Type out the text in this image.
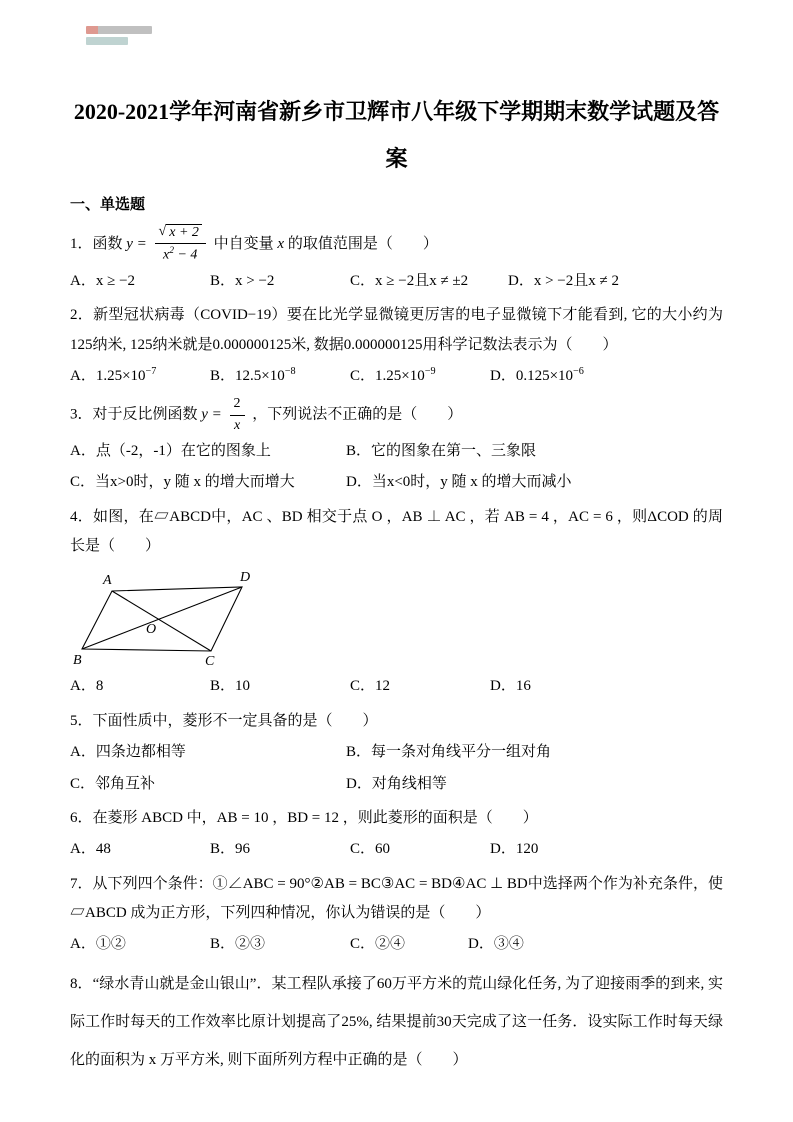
2020-2021学年河南省新乡市卫辉市八年级下学期期末数学试题及答
案
一、单选题
1．函数 $y = \frac{√ x + 2}{x^2 - 4}$ 中自变量 x 的取值范围是（　　）
A．x ≥ −2	B．x > −2	C．x ≥ −2且x ≠ ±2	D．x > −2且x ≠ 2
2．新型冠状病毒（COVID−19）要在比光学显微镜更厉害的电子显微镜下才能看到, 它的大小约为125纳米, 125纳米就是0.000000125米, 数据0.000000125用科学记数法表示为（　　）
A．$1.25\times 10^{-7}$	B．$12.5\times 10^{-8}$	C．$1.25\times 10^{-9}$	D．$0.125\times 10^{-6}$
3．对于反比例函数 $y = \frac{2}{x}$ ，下列说法不正确的是（　　）
A．点（-2，-1）在它的图象上	B．它的图象在第一、三象限
C．当x>0时，y 随 x 的增大而增大	D．当x<0时，y 随 x 的增大而减小
4．如图，在▱ABCD中，AC 、BD 相交于点 O ，AB ⊥ AC ，若 AB = 4 ，AC = 6 ，则ΔCOD 的周长是（　　）
A	D
B	C
O
A．8	B．10	C．12	D．16
5．下面性质中，菱形不一定具备的是（　　）
A．四条边都相等	B．每一条对角线平分一组对角
C．邻角互补	D．对角线相等
6．在菱形 ABCD 中，AB = 10 ，BD = 12 ，则此菱形的面积是（　　）
A．48	B．96	C．60	D．120
7．从下列四个条件：①∠ABC = 90°②AB = BC③AC = BD④AC ⊥ BD中选择两个作为补充条件，使▱ABCD 成为正方形，下列四种情况，你认为错误的是（　　）
A．①②	B．②③	C．②④	D．③④
8．“绿水青山就是金山银山”．某工程队承接了60万平方米的荒山绿化任务, 为了迎接雨季的到来, 实际工作时每天的工作效率比原计划提高了25%, 结果提前30天完成了这一任务．设实际工作时每天绿化的面积为 x 万平方米, 则下面所列方程中正确的是（　　）
